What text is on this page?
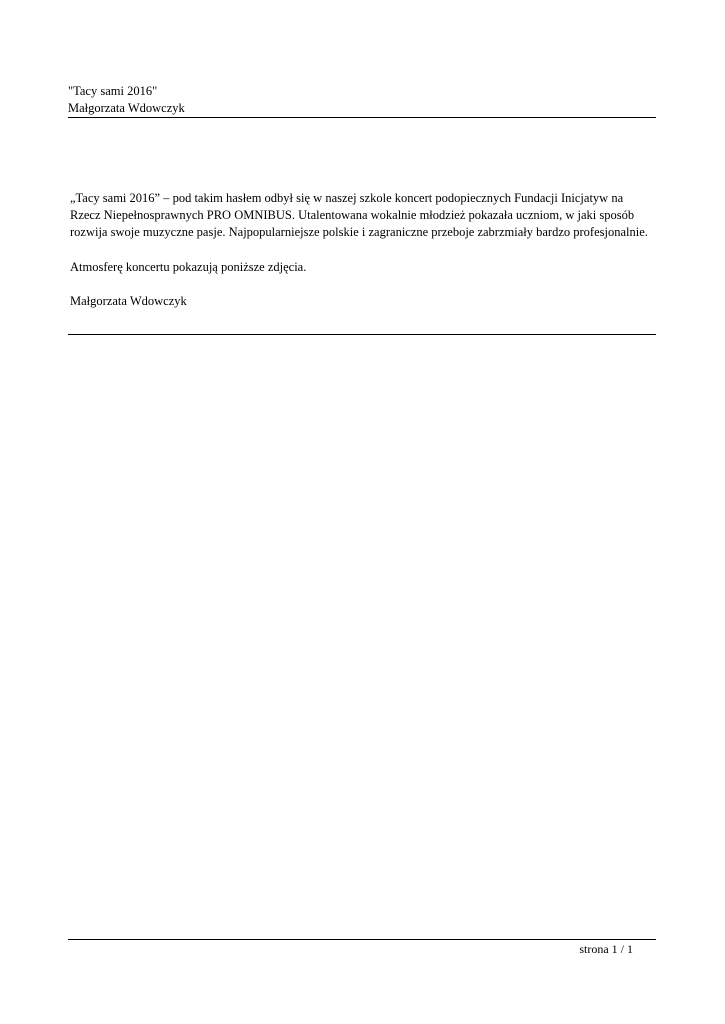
"Tacy sami 2016"
Małgorzata Wdowczyk

„Tacy sami 2016” – pod takim hasłem odbył się w naszej szkole koncert podopiecznych Fundacji Inicjatyw na Rzecz Niepełnosprawnych PRO OMNIBUS. Utalentowana wokalnie młodzież pokazała uczniom, w jaki sposób rozwija swoje muzyczne pasje. Najpopularniejsze polskie i zagraniczne przeboje zabrzmiały bardzo profesjonalnie.

Atmosferę koncertu pokazują poniższe zdjęcia.

Małgorzata Wdowczyk

strona 1 / 1
